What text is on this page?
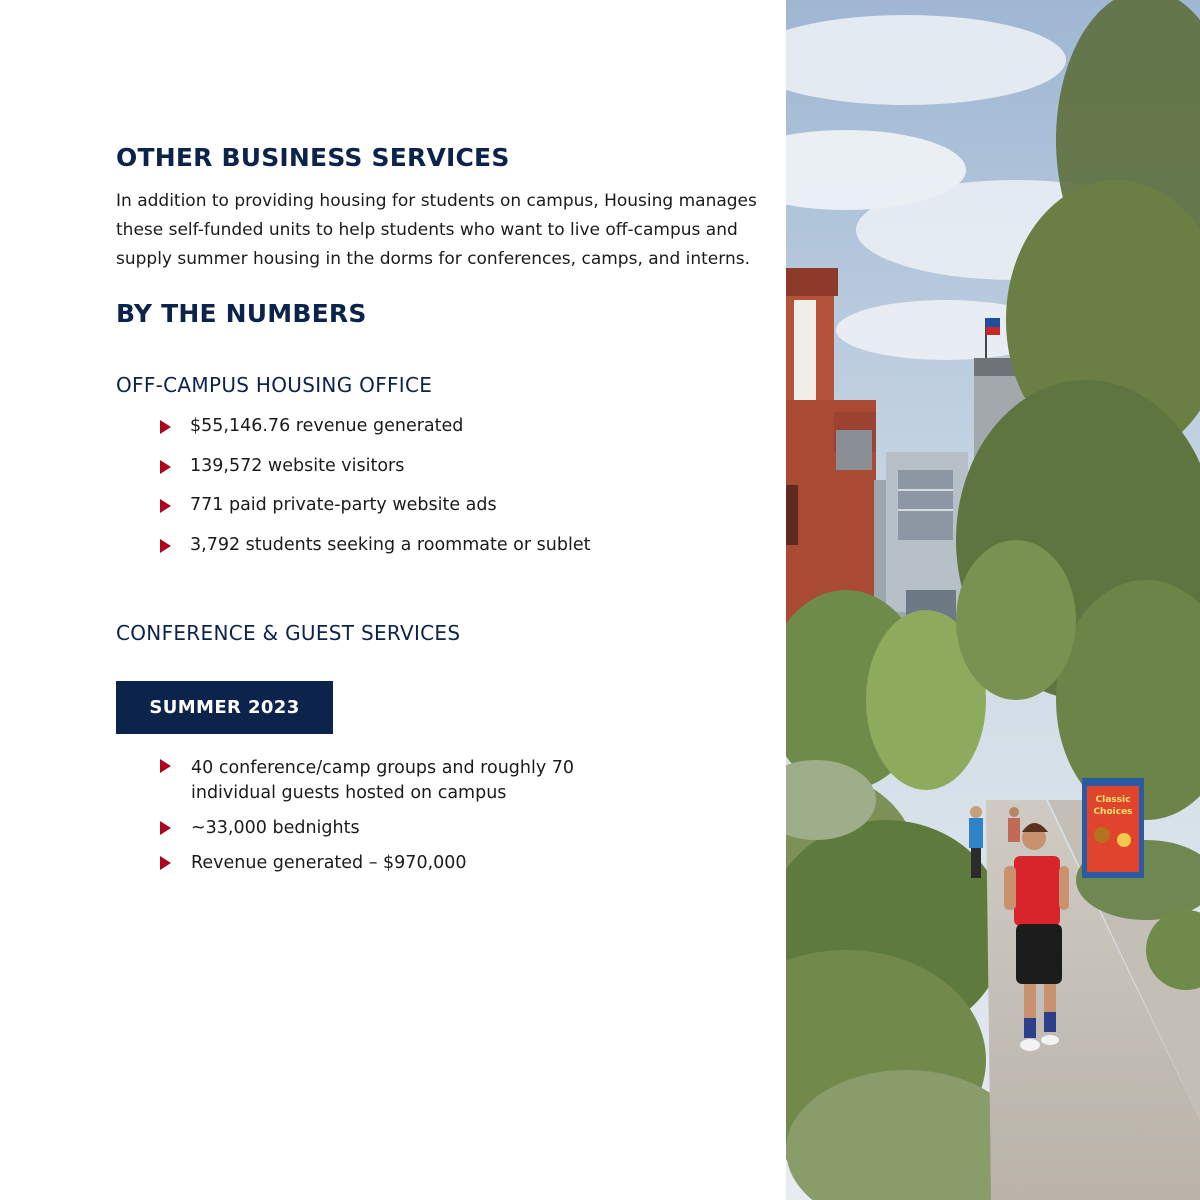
OTHER BUSINESS SERVICES

In addition to providing housing for students on campus, Housing manages these self-funded units to help students who want to live off-campus and supply summer housing in the dorms for conferences, camps, and interns.

BY THE NUMBERS
OFF-CAMPUS HOUSING OFFICE
$55,146.76 revenue generated
139,572 website visitors
771 paid private-party website ads
3,792 students seeking a roommate or sublet
CONFERENCE & GUEST SERVICES
SUMMER 2023
40 conference/camp groups and roughly 70 individual guests hosted on campus
~33,000 bednights
Revenue generated – $970,000
Classic
Choices
